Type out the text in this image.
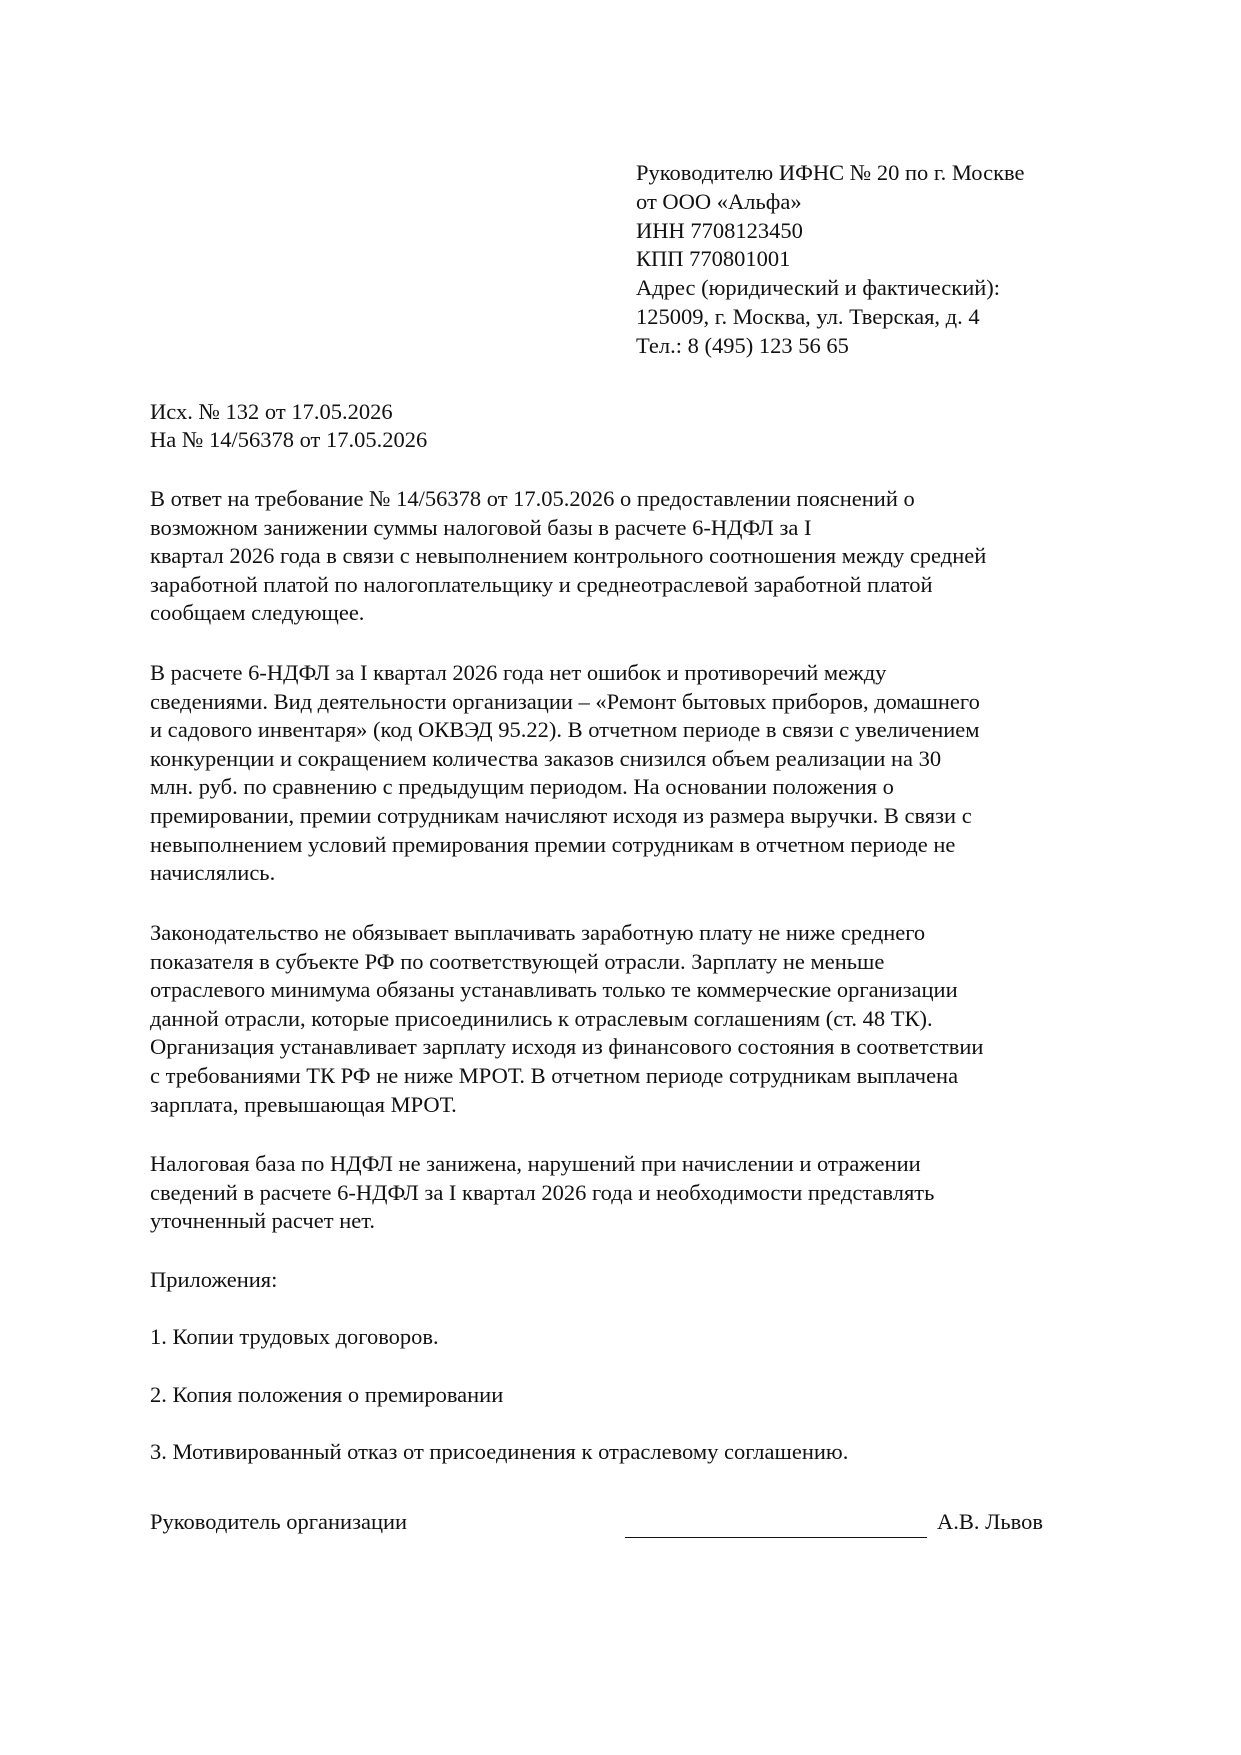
Руководителю ИФНС № 20 по г. Москве
от ООО «Альфа»
ИНН 7708123450
КПП 770801001
Адрес (юридический и фактический):
125009, г. Москва, ул. Тверская, д. 4
Тел.: 8 (495) 123 56 65
Исх. № 132 от 17.05.2026
На № 14/56378 от 17.05.2026
В ответ на требование № 14/56378 от 17.05.2026 о предоставлении пояснений о
возможном занижении суммы налоговой базы в расчете 6-НДФЛ за I
квартал 2026 года в связи с невыполнением контрольного соотношения между средней
заработной платой по налогоплательщику и среднеотраслевой заработной платой
сообщаем следующее.
В расчете 6-НДФЛ за I квартал 2026 года нет ошибок и противоречий между
сведениями. Вид деятельности организации – «Ремонт бытовых приборов, домашнего
и садового инвентаря» (код ОКВЭД 95.22). В отчетном периоде в связи с увеличением
конкуренции и сокращением количества заказов снизился объем реализации на 30
млн. руб. по сравнению с предыдущим периодом. На основании положения о
премировании, премии сотрудникам начисляют исходя из размера выручки. В связи с
невыполнением условий премирования премии сотрудникам в отчетном периоде не
начислялись.
Законодательство не обязывает выплачивать заработную плату не ниже среднего
показателя в субъекте РФ по соответствующей отрасли. Зарплату не меньше
отраслевого минимума обязаны устанавливать только те коммерческие организации
данной отрасли, которые присоединились к отраслевым соглашениям (ст. 48 ТК).
Организация устанавливает зарплату исходя из финансового состояния в соответствии
с требованиями ТК РФ не ниже МРОТ. В отчетном периоде сотрудникам выплачена
зарплата, превышающая МРОТ.
Налоговая база по НДФЛ не занижена, нарушений при начислении и отражении
сведений в расчете 6-НДФЛ за I квартал 2026 года и необходимости представлять
уточненный расчет нет.
Приложения:
1. Копии трудовых договоров.
2. Копия положения о премировании
3. Мотивированный отказ от присоединения к отраслевому соглашению.
Руководитель организации	А.В. Львов
